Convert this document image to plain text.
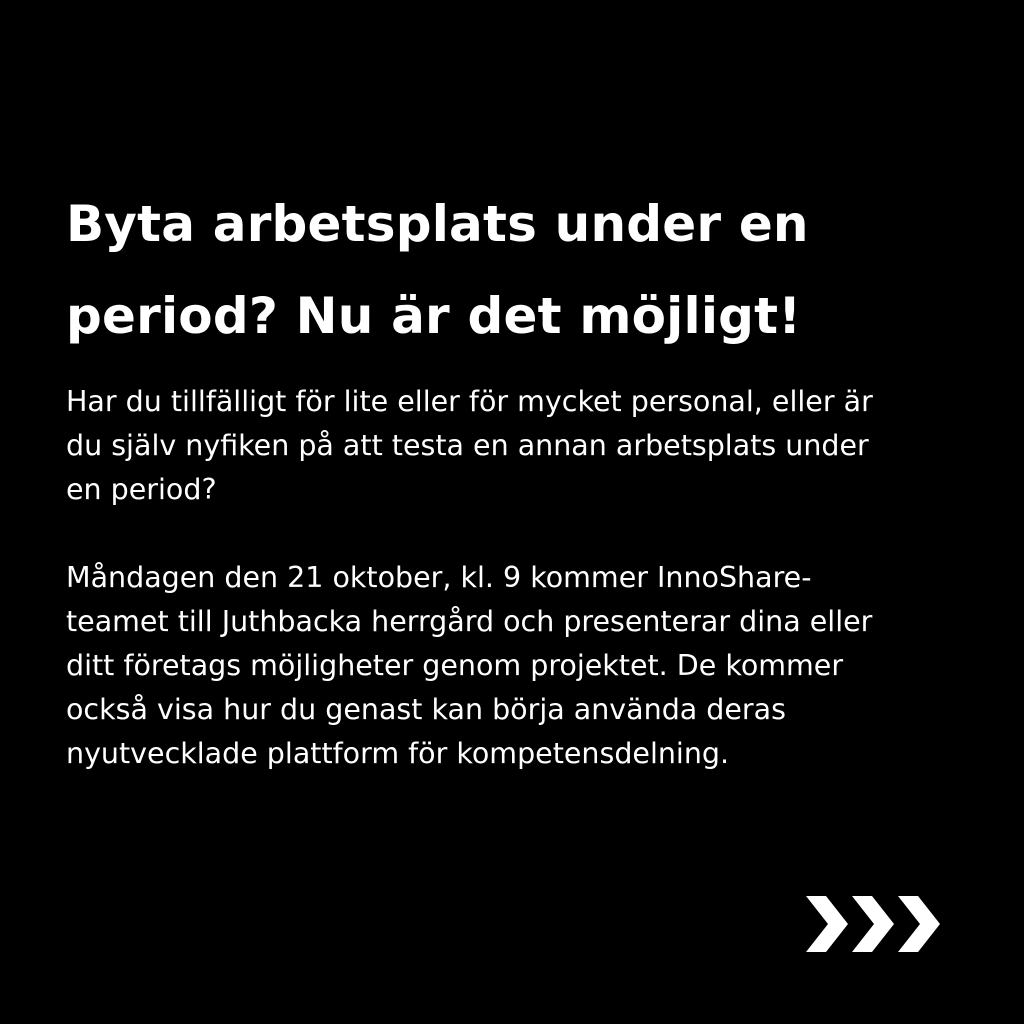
Byta arbetsplats under en
period? Nu är det möjligt!

Har du tillfälligt för lite eller för mycket personal, eller är
du själv nyfiken på att testa en annan arbetsplats under
en period?

Måndagen den 21 oktober, kl. 9 kommer InnoShare-
teamet till Juthbacka herrgård och presenterar dina eller
ditt företags möjligheter genom projektet. De kommer
också visa hur du genast kan börja använda deras
nyutvecklade plattform för kompetensdelning.
